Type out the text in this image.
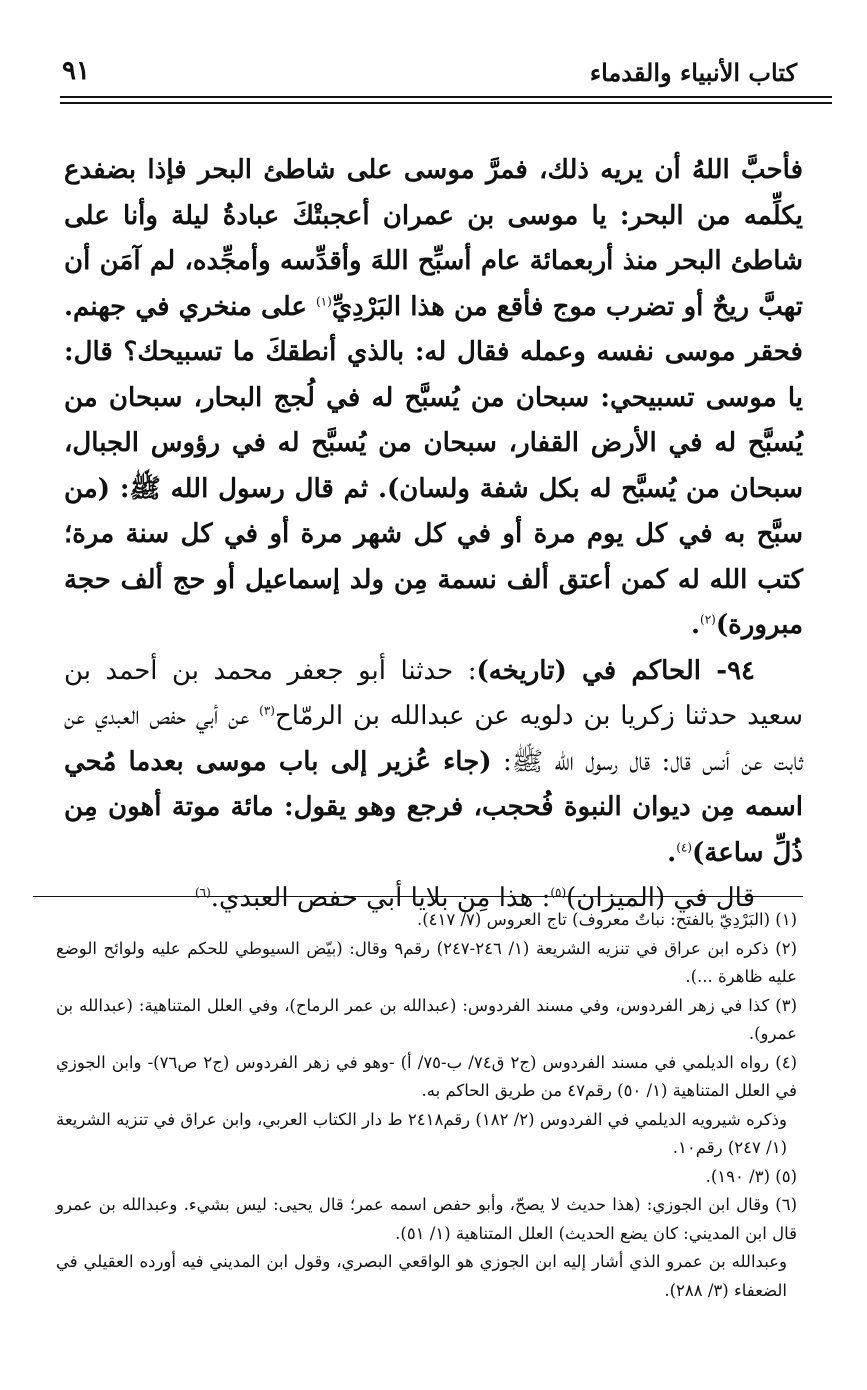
كتاب الأنبياء والقدماء
٩١

فأحبَّ اللهُ أن يريه ذلك، فمرَّ موسى على شاطئ البحر فإذا بضفدع يكلِّمه من البحر: يا موسى بن عمران أعجبتْكَ عبادةُ ليلة وأنا على شاطئ البحر منذ أربعمائة عام أسبِّح اللهَ وأقدِّسه وأمجِّده، لم آمَن أن تهبَّ ريحٌ أو تضرب موج فأقع من هذا البَرْدِيِّ$^{(١)}$ على منخري في جهنم. فحقر موسى نفسه وعمله فقال له: بالذي أنطقكَ ما تسبيحك؟ قال: يا موسى تسبيحي: سبحان من يُسبَّح له في لُجج البحار، سبحان من يُسبَّح له في الأرض القفار، سبحان من يُسبَّح له في رؤوس الجبال، سبحان من يُسبَّح له بكل شفة ولسان). ثم قال رسول الله ﷺ: (من سبَّح به في كل يوم مرة أو في كل شهر مرة أو في كل سنة مرة؛ كتب الله له كمن أعتق ألف نسمة مِن ولد إسماعيل أو حج ألف حجة مبرورة)$^{(٢)}$.

٩٤- الحاكم في (تاريخه): حدثنا أبو جعفر محمد بن أحمد بن سعيد حدثنا زكريا بن دلويه عن عبدالله بن الرمّاح$^{(٣)}$ عن أبي حفص العبدي عن ثابت عن أنس قال: قال رسول الله ﷺ: (جاء عُزير إلى باب موسى بعدما مُحي اسمه مِن ديوان النبوة فُحجب، فرجع وهو يقول: مائة موتة أهون مِن ذُلِّ ساعة)$^{(٤)}$.

قال في (الميزان)$^{(٥)}$: هذا مِن بلايا أبي حفص العبدي.$^{(٦)}$

(١) (البَرْدِيّ بالفتح: نباتٌ معروف) تاج العروس (٧/ ٤١٧).

(٢) ذكره ابن عراق في تنزيه الشريعة (١/ ٢٤٦-٢٤٧) رقم٩ وقال: (بيّض السيوطي للحكم عليه ولوائح الوضع عليه ظاهرة ...).

(٣) كذا في زهر الفردوس، وفي مسند الفردوس: (عبدالله بن عمر الرماح)، وفي العلل المتناهية: (عبدالله بن عمرو).

(٤) رواه الديلمي في مسند الفردوس (ج٢ ق٧٤/ ب-٧٥/ أ) -وهو في زهر الفردوس (ج٢ ص٧٦)- وابن الجوزي في العلل المتناهية (١/ ٥٠) رقم٤٧ من طريق الحاكم به.

وذكره شيرويه الديلمي في الفردوس (٢/ ١٨٢) رقم٢٤١٨ ط دار الكتاب العربي، وابن عراق في تنزيه الشريعة (١/ ٢٤٧) رقم١٠.

(٥) (٣/ ١٩٠).

(٦) وقال ابن الجوزي: (هذا حديث لا يصحّ، وأبو حفص اسمه عمر؛ قال يحيى: ليس بشيء. وعبدالله بن عمرو قال ابن المديني: كان يضع الحديث) العلل المتناهية (١/ ٥١).

وعبدالله بن عمرو الذي أشار إليه ابن الجوزي هو الواقعي البصري، وقول ابن المديني فيه أورده العقيلي في الضعفاء (٣/ ٢٨٨).
